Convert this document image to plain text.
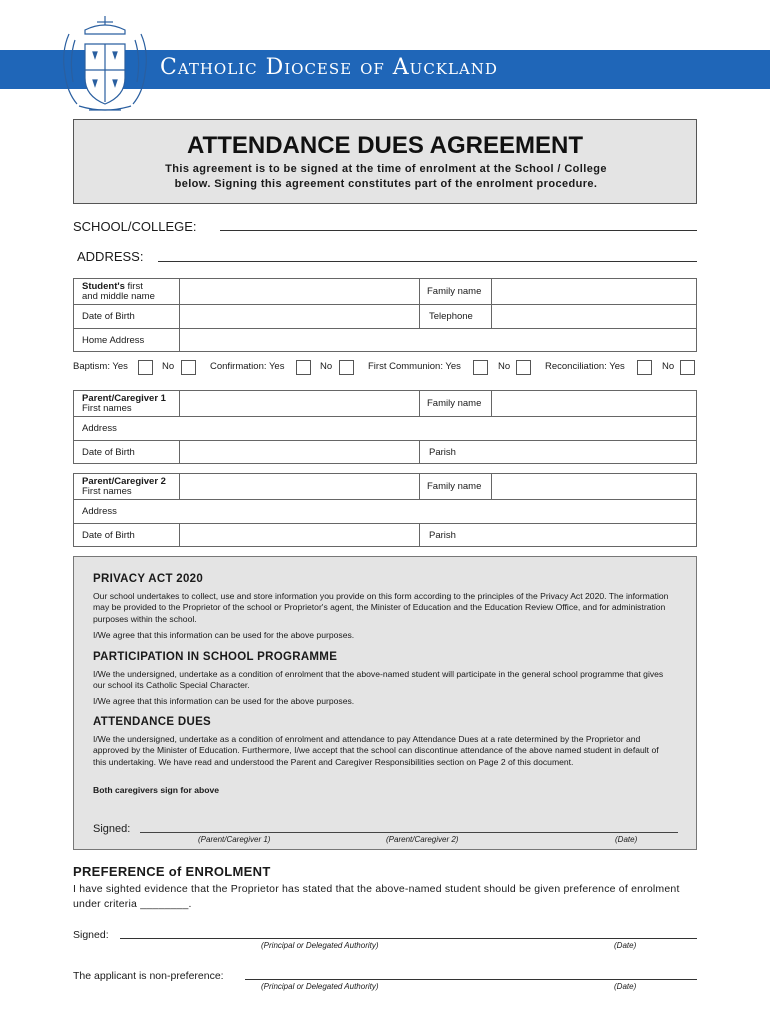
Catholic Diocese of Auckland
ATTENDANCE DUES AGREEMENT
This agreement is to be signed at the time of enrolment at the School / College
below. Signing this agreement constitutes part of the enrolment procedure.
SCHOOL/COLLEGE:
ADDRESS:
Student's first
and middle name	Family name
Date of Birth	Telephone
Home Address
Baptism: Yes	No	Confirmation: Yes	No	First Communion: Yes	No	Reconciliation: Yes	No
Parent/Caregiver 1
First names	Family name
Address
Date of Birth	Parish
Parent/Caregiver 2
First names	Family name
Address
Date of Birth	Parish
PRIVACY ACT 2020
Our school undertakes to collect, use and store information you provide on this form according to the principles of the Privacy Act 2020. The information may be provided to the Proprietor of the school or Proprietor's agent, the Minister of Education and the Education Review Office, and for administration purposes within the school.
I/We agree that this information can be used for the above purposes.
PARTICIPATION IN SCHOOL PROGRAMME
I/We the undersigned, undertake as a condition of enrolment that the above-named student will participate in the general school programme that gives our school its Catholic Special Character.
I/We agree that this information can be used for the above purposes.
ATTENDANCE DUES
I/We the undersigned, undertake as a condition of enrolment and attendance to pay Attendance Dues at a rate determined by the Proprietor and approved by the Minister of Education. Furthermore, I/we accept that the school can discontinue attendance of the above named student in default of this undertaking. We have read and understood the Parent and Caregiver Responsibilities section on Page 2 of this document.
Both caregivers sign for above
Signed:
(Parent/Caregiver 1)	(Parent/Caregiver 2)	(Date)
PREFERENCE of ENROLMENT
I have sighted evidence that the Proprietor has stated that the above-named student should be given preference of enrolment under criteria ________.
Signed:
(Principal or Delegated Authority)	(Date)
The applicant is non-preference:
(Principal or Delegated Authority)	(Date)
